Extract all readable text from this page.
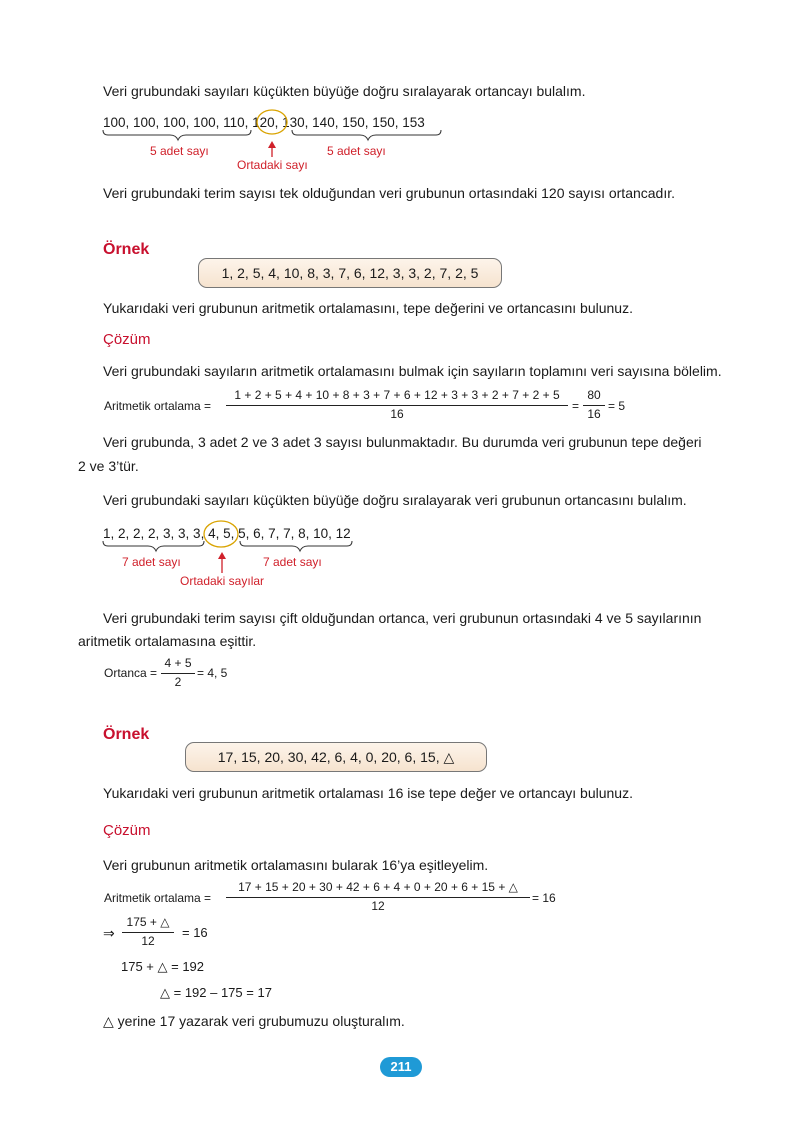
Veri grubundaki sayıları küçükten büyüğe doğru sıralayarak ortancayı bulalım.
100, 100, 100, 100, 110, 120, 130, 140, 150, 150, 153
5 adet sayı	5 adet sayı
Ortadaki sayı
Veri grubundaki terim sayısı tek olduğundan veri grubunun ortasındaki 120 sayısı ortancadır.
Örnek
1, 2, 5, 4, 10, 8, 3, 7, 6, 12, 3, 3, 2, 7, 2, 5
Yukarıdaki veri grubunun aritmetik ortalamasını, tepe değerini ve ortancasını bulunuz.
Çözüm
Veri grubundaki sayıların aritmetik ortalamasını bulmak için sayıların toplamını veri sayısına bölelim.
Aritmetik ortalama =
1 + 2 + 5 + 4 + 10 + 8 + 3 + 7 + 6 + 12 + 3 + 3 + 2 + 7 + 2 + 5
16
=
80
16
= 5
Veri grubunda, 3 adet 2 ve 3 adet 3 sayısı bulunmaktadır. Bu durumda veri grubunun tepe değeri
2 ve 3’tür.
Veri grubundaki sayıları küçükten büyüğe doğru sıralayarak veri grubunun ortancasını bulalım.
1, 2, 2, 2, 3, 3, 3, 4, 5, 5, 6, 7, 7, 8, 10, 12
7 adet sayı	7 adet sayı
Ortadaki sayılar
Veri grubundaki terim sayısı çift olduğundan ortanca, veri grubunun ortasındaki 4 ve 5 sayılarının
aritmetik ortalamasına eşittir.
Ortanca =
4 + 5
2
= 4, 5
Örnek
17, 15, 20, 30, 42, 6, 4, 0, 20, 6, 15, △
Yukarıdaki veri grubunun aritmetik ortalaması 16 ise tepe değer ve ortancayı bulunuz.
Çözüm
Veri grubunun aritmetik ortalamasını bularak 16’ya eşitleyelim.
Aritmetik ortalama =
17 + 15 + 20 + 30 + 42 + 6 + 4 + 0 + 20 + 6 + 15 + △
12
= 16
⇒
175 + △
12
= 16
175 + △ = 192
△ = 192 – 175 = 17
△ yerine 17 yazarak veri grubumuzu oluşturalım.
211
